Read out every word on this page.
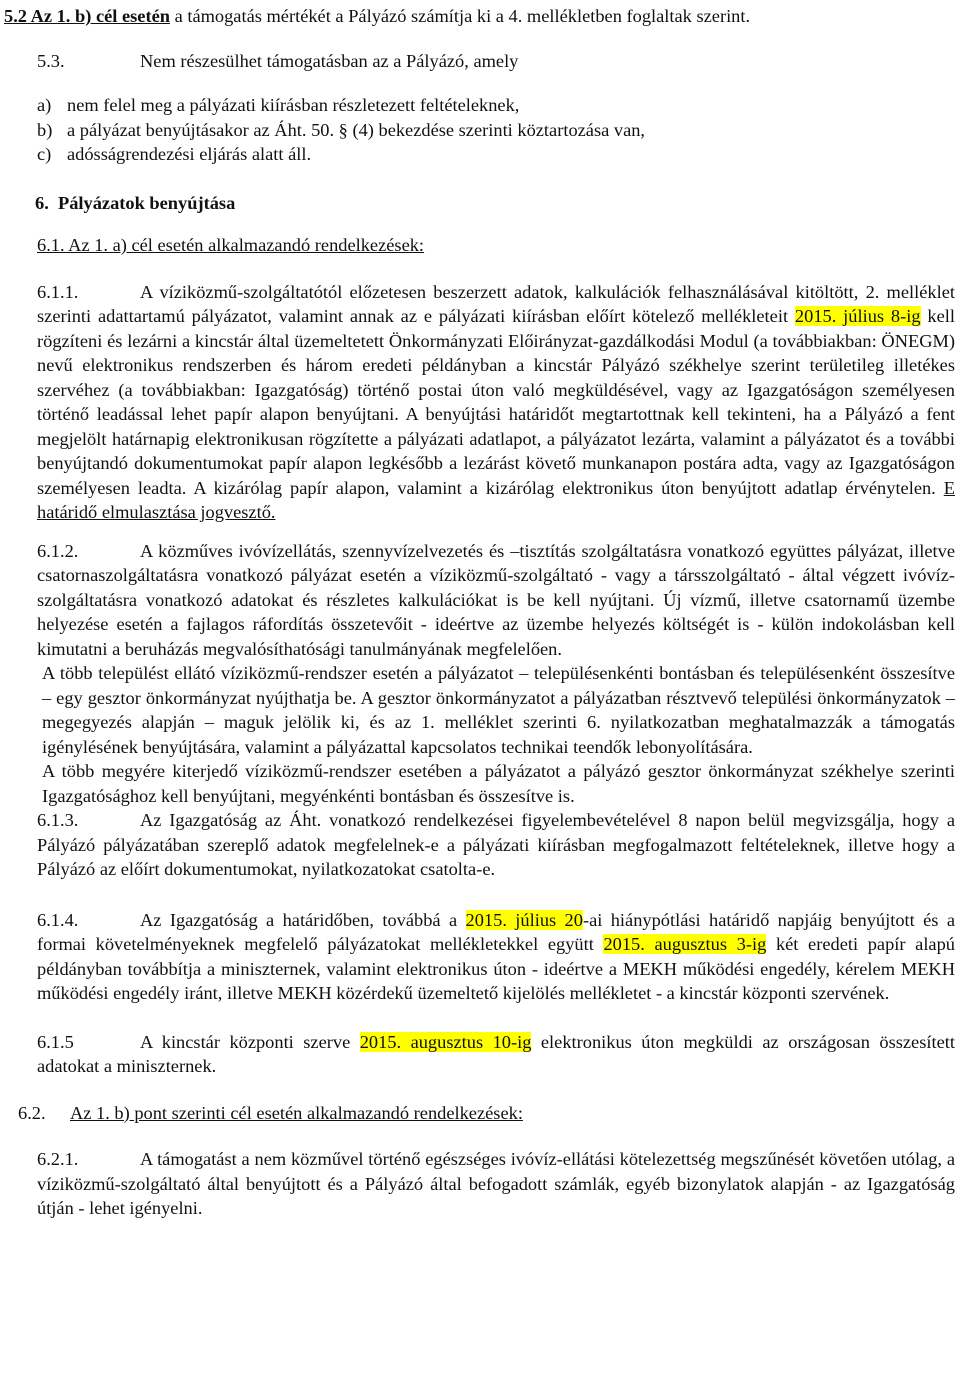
5.2 Az 1. b) cél esetén a támogatás mértékét a Pályázó számítja ki a 4. mellékletben foglaltak szerint.

5.3.	Nem részesülhet támogatásban az a Pályázó, amely

a) nem felel meg a pályázati kiírásban részletezett feltételeknek,
b) a pályázat benyújtásakor az Áht. 50. § (4) bekezdése szerinti köztartozása van,
c) adósságrendezési eljárás alatt áll.

6.  Pályázatok benyújtása

6.1. Az 1. a) cél esetén alkalmazandó rendelkezések:

6.1.1.	A víziközmű-szolgáltatótól előzetesen beszerzett adatok, kalkulációk felhasználásával kitöltött, 2. melléklet szerinti adattartamú pályázatot, valamint annak az e pályázati kiírásban előírt kötelező mellékleteit 2015. július 8-ig kell rögzíteni és lezárni a kincstár által üzemeltetett Önkormányzati Előirányzat-gazdálkodási Modul (a továbbiakban: ÖNEGM) nevű elektronikus rendszerben és három eredeti példányban a kincstár Pályázó székhelye szerint területileg illetékes szervéhez (a továbbiakban: Igazgatóság) történő postai úton való megküldésével, vagy az Igazgatóságon személyesen történő leadással lehet papír alapon benyújtani. A benyújtási határidőt megtartottnak kell tekinteni, ha a Pályázó a fent megjelölt határnapig elektronikusan rögzítette a pályázati adatlapot, a pályázatot lezárta, valamint a pályázatot és a további benyújtandó dokumentumokat papír alapon legkésőbb a lezárást követő munkanapon postára adta, vagy az Igazgatóságon személyesen leadta. A kizárólag papír alapon, valamint a kizárólag elektronikus úton benyújtott adatlap érvénytelen. E határidő elmulasztása jogvesztő.

6.1.2.	A közműves ivóvízellátás, szennyvízelvezetés és –tisztítás szolgáltatásra vonatkozó együttes pályázat, illetve csatornaszolgáltatásra vonatkozó pályázat esetén a víziközmű-szolgáltató - vagy a társszolgáltató - által végzett ivóvíz-szolgáltatásra vonatkozó adatokat és részletes kalkulációkat is be kell nyújtani. Új vízmű, illetve csatornamű üzembe helyezése esetén a fajlagos ráfordítás összetevőit - ideértve az üzembe helyezés költségét is - külön indokolásban kell kimutatni a beruházás megvalósíthatósági tanulmányának megfelelően.

A több települést ellátó víziközmű-rendszer esetén a pályázatot – településenkénti bontásban és településenként összesítve – egy gesztor önkormányzat nyújthatja be. A gesztor önkormányzatot a pályázatban résztvevő települési önkormányzatok – megegyezés alapján – maguk jelölik ki, és az 1. melléklet szerinti 6. nyilatkozatban meghatalmazzák a támogatás igénylésének benyújtására, valamint a pályázattal kapcsolatos technikai teendők lebonyolítására.

A több megyére kiterjedő víziközmű-rendszer esetében a pályázatot a pályázó gesztor önkormányzat székhelye szerinti Igazgatósághoz kell benyújtani, megyénkénti bontásban és összesítve is.

6.1.3.	Az Igazgatóság az Áht. vonatkozó rendelkezései figyelembevételével 8 napon belül megvizsgálja, hogy a Pályázó pályázatában szereplő adatok megfelelnek-e a pályázati kiírásban megfogalmazott feltételeknek, illetve hogy a Pályázó az előírt dokumentumokat, nyilatkozatokat csatolta-e.

6.1.4.	Az Igazgatóság a határidőben, továbbá a 2015. július 20-ai hiánypótlási határidő napjáig benyújtott és a formai követelményeknek megfelelő pályázatokat mellékletekkel együtt 2015. augusztus 3-ig két eredeti papír alapú példányban továbbítja a miniszternek, valamint elektronikus úton - ideértve a MEKH működési engedély, kérelem MEKH működési engedély iránt, illetve MEKH közérdekű üzemeltető kijelölés mellékletet - a kincstár központi szervének.

6.1.5	A kincstár központi szerve 2015. augusztus 10-ig elektronikus úton megküldi az országosan összesített adatokat a miniszternek.

6.2. Az 1. b) pont szerinti cél esetén alkalmazandó rendelkezések:

6.2.1.	A támogatást a nem közművel történő egészséges ivóvíz-ellátási kötelezettség megszűnését követően utólag, a víziközmű-szolgáltató által benyújtott és a Pályázó által befogadott számlák, egyéb bizonylatok alapján - az Igazgatóság útján - lehet igényelni.
